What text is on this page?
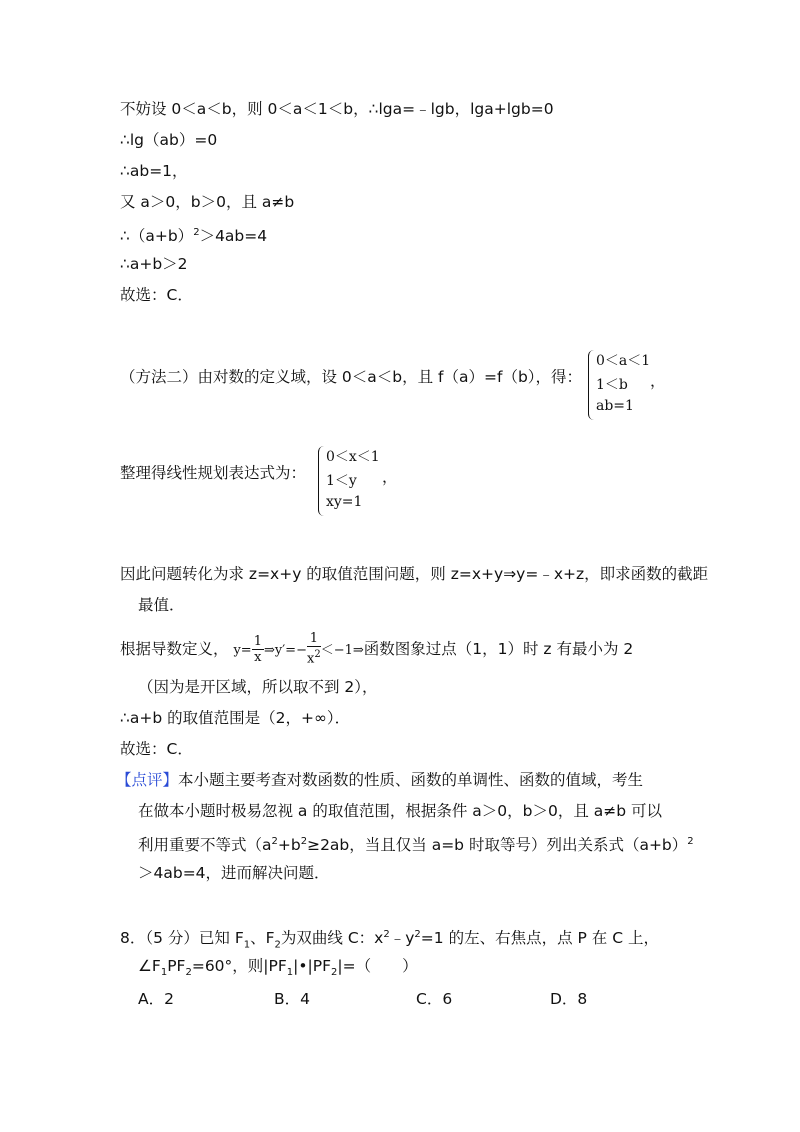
不妨设 0＜a＜b，则 0＜a＜1＜b，∴lga=﹣lgb，lga+lgb=0
∴lg（ab）=0
∴ab=1，
又 a＞0，b＞0，且 a≠b
$\therefore(a+b)^2>4ab=4$
∴a+b＞2
故选：C．
（方法二）由对数的定义域，设 0＜a＜b，且 f（a）=f（b），得：
0＜a＜1
1＜b
ab=1
，
整理得线性规划表达式为：
0＜x＜1
1＜y
xy=1
，
因此问题转化为求 z=x+y 的取值范围问题，则 z=x+y⇒y=﹣x+z，即求函数的截距
最值．
根据导数定义， $y= \frac{1}{x}$ ⇒y′=− $\frac{1}{x^2}$ ＜−1⇒函数图象过点（1，1）时 z 有最小为 2
（因为是开区域，所以取不到 2），
∴a+b 的取值范围是（2，+∞）．
故选：C．
【点评】本小题主要考查对数函数的性质、函数的单调性、函数的值域，考生
在做本小题时极易忽视 a 的取值范围，根据条件 a＞0，b＞0，且 a≠b 可以
利用重要不等式（$a^2+b^2\ge 2ab$，当且仅当 a=b 时取等号）列出关系式$(a+b)^2$
＞4ab=4，进而解决问题．
8．（5 分）已知 $F_1$、$F_2$为双曲线 C：$x^2﹣y^2=1$ 的左、右焦点，点 P 在 C 上，
$\angle F_1PF_2=60^\circ$，则$|PF_1|•|PF_2|=$（　　）
A．2	B．4	C．6	D．8
